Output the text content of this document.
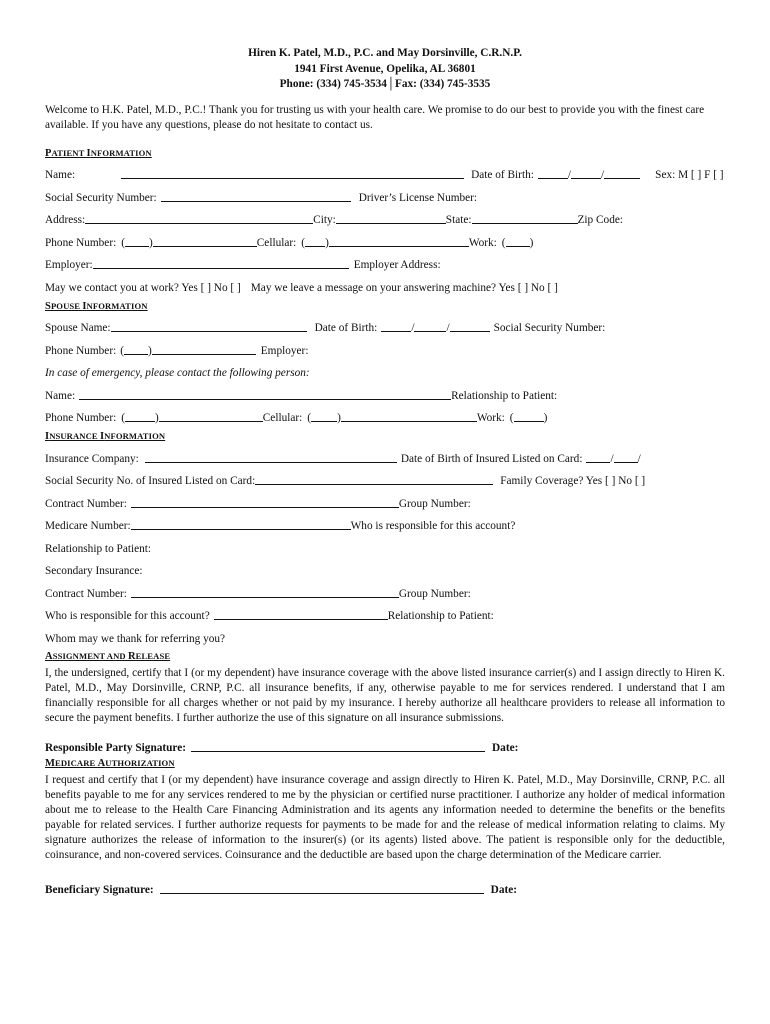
Hiren K. Patel, M.D., P.C. and May Dorsinville, C.R.N.P.
1941 First Avenue, Opelika, AL 36801
Phone: (334) 745-3534│Fax: (334) 745-3535
Welcome to H.K. Patel, M.D., P.C.! Thank you for trusting us with your health care. We promise to do our best to provide you with the finest care available. If you have any questions, please do not hesitate to contact us.
PATIENT INFORMATION
Name:	Date of Birth:	/	/	Sex: M [ ] F [ ]
Social Security Number:	Driver’s License Number:
Address:	City:	State:	Zip Code:
Phone Number: ( )	Cellular: ( )	Work: ( )
Employer:	Employer Address:
May we contact you at work? Yes [ ] No [ ] May we leave a message on your answering machine? Yes [ ] No [ ]
SPOUSE INFORMATION
Spouse Name:	Date of Birth:	/	/	Social Security Number:
Phone Number: ( )	Employer:
In case of emergency, please contact the following person:
Name:	Relationship to Patient:
Phone Number: (	)	Cellular: ( )	Work: (	)
INSURANCE INFORMATION
Insurance Company:	Date of Birth of Insured Listed on Card: / /
Social Security No. of Insured Listed on Card:	Family Coverage? Yes [ ] No [ ]
Contract Number:	Group Number:
Medicare Number:	Who is responsible for this account?
Relationship to Patient:
Secondary Insurance:
Contract Number:	Group Number:
Who is responsible for this account?	Relationship to Patient:
Whom may we thank for referring you?
ASSIGNMENT AND RELEASE
I, the undersigned, certify that I (or my dependent) have insurance coverage with the above listed insurance carrier(s) and I assign directly to Hiren K. Patel, M.D., May Dorsinville, CRNP, P.C. all insurance benefits, if any, otherwise payable to me for services rendered. I understand that I am financially responsible for all charges whether or not paid by my insurance. I hereby authorize all healthcare providers to release all information to secure the payment benefits. I further authorize the use of this signature on all insurance submissions.
Responsible Party Signature:	Date:
MEDICARE AUTHORIZATION
I request and certify that I (or my dependent) have insurance coverage and assign directly to Hiren K. Patel, M.D., May Dorsinville, CRNP, P.C. all benefits payable to me for any services rendered to me by the physician or certified nurse practitioner. I authorize any holder of medical information about me to release to the Health Care Financing Administration and its agents any information needed to determine the benefits or the benefits payable for related services. I further authorize requests for payments to be made for and the release of medical information relating to claims. My signature authorizes the release of information to the insurer(s) (or its agents) listed above. The patient is responsible only for the deductible, coinsurance, and non-covered services. Coinsurance and the deductible are based upon the charge determination of the Medicare carrier.
Beneficiary Signature:	Date:
